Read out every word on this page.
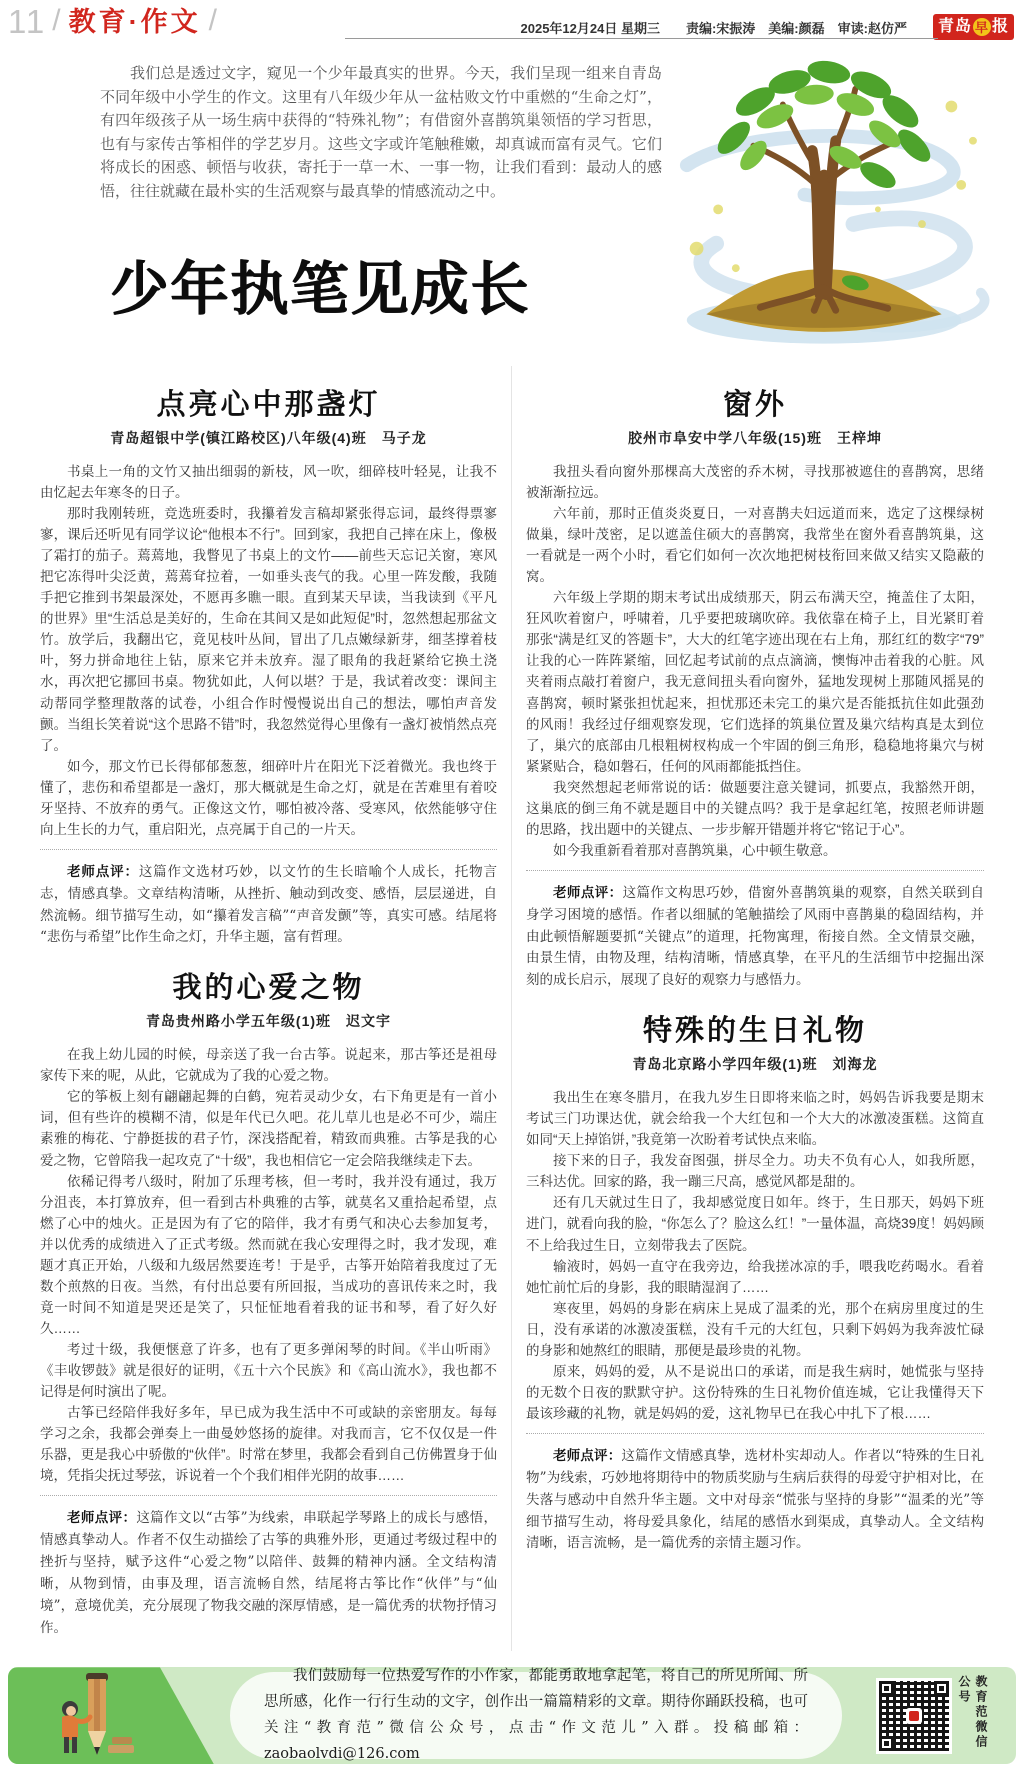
11 / 教育·作文 /	2025年12月24日 星期三 责编:宋振涛　美编:颜磊　审读:赵仿严 青岛 早 报
我们总是透过文字，窥见一个少年最真实的世界。今天，我们呈现一组来自青岛不同年级中小学生的作文。这里有八年级少年从一盆枯败文竹中重燃的“生命之灯”，有四年级孩子从一场生病中获得的“特殊礼物”；有借窗外喜鹊筑巢领悟的学习哲思，也有与家传古筝相伴的学艺岁月。这些文字或许笔触稚嫩，却真诚而富有灵气。它们将成长的困惑、顿悟与收获，寄托于一草一木、一事一物，让我们看到：最动人的感悟，往往就藏在最朴实的生活观察与最真挚的情感流动之中。
少年执笔见成长
点亮心中那盏灯
青岛超银中学(镇江路校区)八年级(4)班　马子龙

书桌上一角的文竹又抽出细弱的新枝，风一吹，细碎枝叶轻晃，让我不由忆起去年寒冬的日子。

那时我刚转班，竞选班委时，我攥着发言稿却紧张得忘词，最终得票寥寥，课后还听见有同学议论“他根本不行”。回到家，我把自己摔在床上，像极了霜打的茄子。蔫蔫地，我瞥见了书桌上的文竹——前些天忘记关窗，寒风把它冻得叶尖泛黄，蔫蔫耷拉着，一如垂头丧气的我。心里一阵发酸，我随手把它推到书架最深处，不愿再多瞧一眼。直到某天早读，当我读到《平凡的世界》里“生活总是美好的，生命在其间又是如此短促”时，忽然想起那盆文竹。放学后，我翻出它，竟见枝叶丛间，冒出了几点嫩绿新芽，细茎撑着枝叶，努力拼命地往上钻，原来它并未放弃。湿了眼角的我赶紧给它换土浇水，再次把它挪回书桌。物犹如此，人何以堪？于是，我试着改变：课间主动帮同学整理散落的试卷，小组合作时慢慢说出自己的想法，哪怕声音发颤。当组长笑着说“这个思路不错”时，我忽然觉得心里像有一盏灯被悄然点亮了。

如今，那文竹已长得郁郁葱葱，细碎叶片在阳光下泛着微光。我也终于懂了，悲伤和希望都是一盏灯，那大概就是生命之灯，就是在苦难里有着咬牙坚持、不放弃的勇气。正像这文竹，哪怕被冷落、受寒风，依然能够守住向上生长的力气，重启阳光，点亮属于自己的一片天。

老师点评：这篇作文选材巧妙，以文竹的生长暗喻个人成长，托物言志，情感真挚。文章结构清晰，从挫折、触动到改变、感悟，层层递进，自然流畅。细节描写生动，如“攥着发言稿”“声音发颤”等，真实可感。结尾将“悲伤与希望”比作生命之灯，升华主题，富有哲理。
我的心爱之物
青岛贵州路小学五年级(1)班　迟文宇

在我上幼儿园的时候，母亲送了我一台古筝。说起来，那古筝还是祖母家传下来的呢，从此，它就成为了我的心爱之物。

它的筝板上刻有翩翩起舞的白鹤，宛若灵动少女，右下角更是有一首小词，但有些许的模糊不清，似是年代已久吧。花儿草儿也是必不可少，端庄素雅的梅花、宁静挺拔的君子竹，深浅搭配着，精致而典雅。古筝是我的心爱之物，它曾陪我一起攻克了“十级”，我也相信它一定会陪我继续走下去。

依稀记得考八级时，附加了乐理考核，但一考时，我并没有通过，我万分沮丧，本打算放弃，但一看到古朴典雅的古筝，就莫名又重拾起希望，点燃了心中的烛火。正是因为有了它的陪伴，我才有勇气和决心去参加复考，并以优秀的成绩进入了正式考级。然而就在我心安理得之时，我才发现，难题才真正开始，八级和九级居然要连考！于是乎，古筝开始陪着我度过了无数个煎熬的日夜。当然，有付出总要有所回报，当成功的喜讯传来之时，我竟一时间不知道是哭还是笑了，只怔怔地看着我的证书和琴，看了好久好久……

考过十级，我便惬意了许多，也有了更多弹闲琴的时间。《半山听雨》《丰收锣鼓》就是很好的证明，《五十六个民族》和《高山流水》，我也都不记得是何时演出了呢。

古筝已经陪伴我好多年，早已成为我生活中不可或缺的亲密朋友。每每学习之余，我都会弹奏上一曲曼妙悠扬的旋律。对我而言，它不仅仅是一件乐器，更是我心中骄傲的“伙伴”。时常在梦里，我都会看到自己仿佛置身于仙境，凭指尖抚过琴弦，诉说着一个个我们相伴光阴的故事……

老师点评：这篇作文以“古筝”为线索，串联起学琴路上的成长与感悟，情感真挚动人。作者不仅生动描绘了古筝的典雅外形，更通过考级过程中的挫折与坚持，赋予这件“心爱之物”以陪伴、鼓舞的精神内涵。全文结构清晰，从物到情，由事及理，语言流畅自然，结尾将古筝比作“伙伴”与“仙境”，意境优美，充分展现了物我交融的深厚情感，是一篇优秀的状物抒情习作。
窗外
胶州市阜安中学八年级(15)班　王梓坤

我扭头看向窗外那棵高大茂密的乔木树，寻找那被遮住的喜鹊窝，思绪被渐渐拉远。

六年前，那时正值炎炎夏日，一对喜鹊夫妇远道而来，选定了这棵绿树做巢，绿叶茂密，足以遮盖住硕大的喜鹊窝，我常坐在窗外看喜鹊筑巢，这一看就是一两个小时，看它们如何一次次地把树枝衔回来做又结实又隐蔽的窝。

六年级上学期的期末考试出成绩那天，阴云布满天空，掩盖住了太阳，狂风吹着窗户，呼啸着，几乎要把玻璃吹碎。我依靠在椅子上，目光紧盯着那张“满是红叉的答题卡”，大大的红笔字迹出现在右上角，那红红的数字“79”让我的心一阵阵紧缩，回忆起考试前的点点滴滴，懊悔冲击着我的心脏。风夹着雨点敲打着窗户，我无意间扭头看向窗外，猛地发现树上那随风摇晃的喜鹊窝，顿时紧张担忧起来，担忧那还未完工的巢穴是否能抵抗住如此强劲的风雨！我经过仔细观察发现，它们选择的筑巢位置及巢穴结构真是太到位了，巢穴的底部由几根粗树杈构成一个牢固的倒三角形，稳稳地将巢穴与树紧紧贴合，稳如磐石，任何的风雨都能抵挡住。

我突然想起老师常说的话：做题要注意关键词，抓要点，我豁然开朗，这巢底的倒三角不就是题目中的关键点吗？我于是拿起红笔，按照老师讲题的思路，找出题中的关键点、一步步解开错题并将它“铭记于心”。

如今我重新看着那对喜鹊筑巢，心中顿生敬意。

老师点评：这篇作文构思巧妙，借窗外喜鹊筑巢的观察，自然关联到自身学习困境的感悟。作者以细腻的笔触描绘了风雨中喜鹊巢的稳固结构，并由此顿悟解题要抓“关键点”的道理，托物寓理，衔接自然。全文情景交融，由景生情，由物及理，结构清晰，情感真挚，在平凡的生活细节中挖掘出深刻的成长启示，展现了良好的观察力与感悟力。
特殊的生日礼物
青岛北京路小学四年级(1)班　刘海龙

我出生在寒冬腊月，在我九岁生日即将来临之时，妈妈告诉我要是期末考试三门功课达优，就会给我一个大红包和一个大大的冰激凌蛋糕。这简直如同“天上掉馅饼，”我竟第一次盼着考试快点来临。

接下来的日子，我发奋图强，拼尽全力。功夫不负有心人，如我所愿，三科达优。回家的路，我一蹦三尺高，感觉风都是甜的。

还有几天就过生日了，我却感觉度日如年。终于，生日那天，妈妈下班进门，就看向我的脸，“你怎么了？脸这么红！”一量体温，高烧39度！妈妈顾不上给我过生日，立刻带我去了医院。

输液时，妈妈一直守在我旁边，给我搓冰凉的手，喂我吃药喝水。看着她忙前忙后的身影，我的眼睛湿润了……

寒夜里，妈妈的身影在病床上晃成了温柔的光，那个在病房里度过的生日，没有承诺的冰激凌蛋糕，没有千元的大红包，只剩下妈妈为我奔波忙碌的身影和她熬红的眼睛，那便是最珍贵的礼物。

原来，妈妈的爱，从不是说出口的承诺，而是我生病时，她慌张与坚持的无数个日夜的默默守护。这份特殊的生日礼物价值连城，它让我懂得天下最该珍藏的礼物，就是妈妈的爱，这礼物早已在我心中扎下了根……

老师点评：这篇作文情感真挚，选材朴实却动人。作者以“特殊的生日礼物”为线索，巧妙地将期待中的物质奖励与生病后获得的母爱守护相对比，在失落与感动中自然升华主题。文中对母亲“慌张与坚持的身影”“温柔的光”等细节描写生动，将母爱具象化，结尾的感悟水到渠成，真挚动人。全文结构清晰，语言流畅，是一篇优秀的亲情主题习作。
我们鼓励每一位热爱写作的小作家，都能勇敢地拿起笔，将自己的所见所闻、所思所感，化作一行行生动的文字，创作出一篇篇精彩的文章。期待你踊跃投稿，也可关注“教育范”微信公众号，点击“作文范儿”入群。投稿邮箱：zaobaolvdi@126.com
教育范微信公号
